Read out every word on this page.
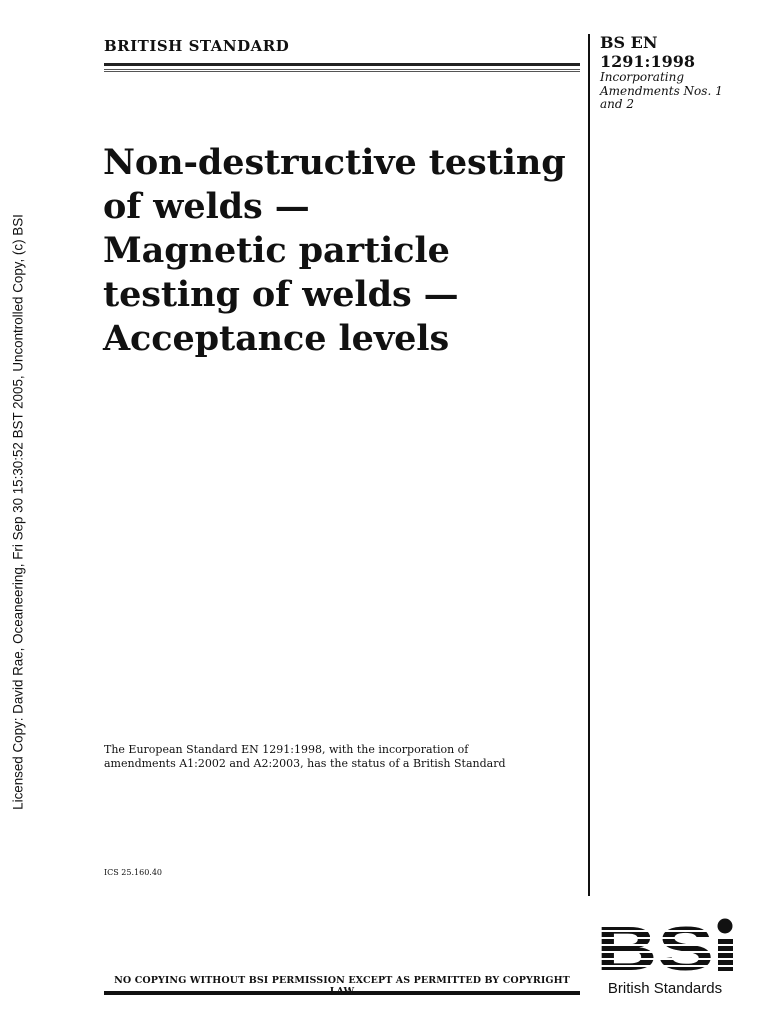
Licensed Copy: David Rae, Oceaneering, Fri Sep 30 15:30:52 BST 2005, Uncontrolled Copy, (c) BSI
BRITISH STANDARD	BS EN
1291:1998
Incorporating
Amendments Nos. 1
and 2
Non-destructive testing
of welds —
Magnetic particle
testing of welds —
Acceptance levels
The European Standard EN 1291:1998, with the incorporation of
amendments A1:2002 and A2:2003, has the status of a British Standard
ICS 25.160.40
NO COPYING WITHOUT BSI PERMISSION EXCEPT AS PERMITTED BY COPYRIGHT	British Standards
